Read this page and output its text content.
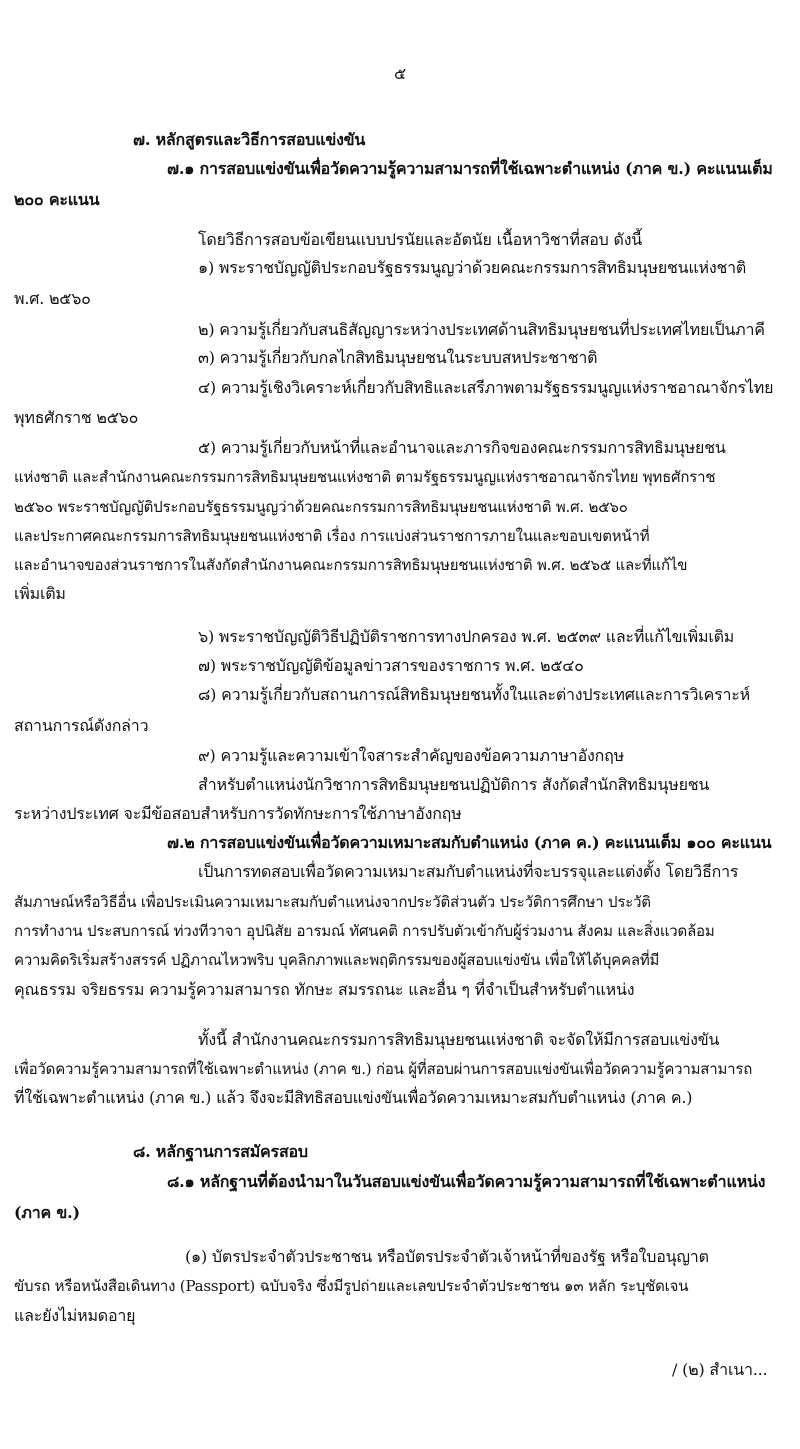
๕
๗. หลักสูตรและวิธีการสอบแข่งขัน
๗.๑ การสอบแข่งขันเพื่อวัดความรู้ความสามารถที่ใช้เฉพาะตำแหน่ง (ภาค ข.) คะแนนเต็ม
๒๐๐ คะแนน
โดยวิธีการสอบข้อเขียนแบบปรนัยและอัตนัย เนื้อหาวิชาที่สอบ ดังนี้
๑) พระราชบัญญัติประกอบรัฐธรรมนูญว่าด้วยคณะกรรมการสิทธิมนุษยชนแห่งชาติ
พ.ศ. ๒๕๖๐
๒) ความรู้เกี่ยวกับสนธิสัญญาระหว่างประเทศด้านสิทธิมนุษยชนที่ประเทศไทยเป็นภาคี
๓) ความรู้เกี่ยวกับกลไกสิทธิมนุษยชนในระบบสหประชาชาติ
๔) ความรู้เชิงวิเคราะห์เกี่ยวกับสิทธิและเสรีภาพตามรัฐธรรมนูญแห่งราชอาณาจักรไทย
พุทธศักราช ๒๕๖๐
๕) ความรู้เกี่ยวกับหน้าที่และอำนาจและภารกิจของคณะกรรมการสิทธิมนุษยชน
แห่งชาติ และสำนักงานคณะกรรมการสิทธิมนุษยชนแห่งชาติ ตามรัฐธรรมนูญแห่งราชอาณาจักรไทย พุทธศักราช
๒๕๖๐ พระราชบัญญัติประกอบรัฐธรรมนูญว่าด้วยคณะกรรมการสิทธิมนุษยชนแห่งชาติ พ.ศ. ๒๕๖๐
และประกาศคณะกรรมการสิทธิมนุษยชนแห่งชาติ เรื่อง การแบ่งส่วนราชการภายในและขอบเขตหน้าที่
และอำนาจของส่วนราชการในสังกัดสำนักงานคณะกรรมการสิทธิมนุษยชนแห่งชาติ พ.ศ. ๒๕๖๕ และที่แก้ไข
เพิ่มเติม
๖) พระราชบัญญัติวิธีปฏิบัติราชการทางปกครอง พ.ศ. ๒๕๓๙ และที่แก้ไขเพิ่มเติม
๗) พระราชบัญญัติข้อมูลข่าวสารของราชการ พ.ศ. ๒๕๔๐
๘) ความรู้เกี่ยวกับสถานการณ์สิทธิมนุษยชนทั้งในและต่างประเทศและการวิเคราะห์
สถานการณ์ดังกล่าว
๙) ความรู้และความเข้าใจสาระสำคัญของข้อความภาษาอังกฤษ
สำหรับตำแหน่งนักวิชาการสิทธิมนุษยชนปฏิบัติการ สังกัดสำนักสิทธิมนุษยชน
ระหว่างประเทศ จะมีข้อสอบสำหรับการวัดทักษะการใช้ภาษาอังกฤษ
๗.๒ การสอบแข่งขันเพื่อวัดความเหมาะสมกับตำแหน่ง (ภาค ค.) คะแนนเต็ม ๑๐๐ คะแนน
เป็นการทดสอบเพื่อวัดความเหมาะสมกับตำแหน่งที่จะบรรจุและแต่งตั้ง โดยวิธีการ
สัมภาษณ์หรือวิธีอื่น เพื่อประเมินความเหมาะสมกับตำแหน่งจากประวัติส่วนตัว ประวัติการศึกษา ประวัติ
การทำงาน ประสบการณ์ ท่วงทีวาจา อุปนิสัย อารมณ์ ทัศนคติ การปรับตัวเข้ากับผู้ร่วมงาน สังคม และสิ่งแวดล้อม
ความคิดริเริ่มสร้างสรรค์ ปฏิภาณไหวพริบ บุคลิกภาพและพฤติกรรมของผู้สอบแข่งขัน เพื่อให้ได้บุคคลที่มี
คุณธรรม จริยธรรม ความรู้ความสามารถ ทักษะ สมรรถนะ และอื่น ๆ ที่จำเป็นสำหรับตำแหน่ง
ทั้งนี้ สำนักงานคณะกรรมการสิทธิมนุษยชนแห่งชาติ จะจัดให้มีการสอบแข่งขัน
เพื่อวัดความรู้ความสามารถที่ใช้เฉพาะตำแหน่ง (ภาค ข.) ก่อน ผู้ที่สอบผ่านการสอบแข่งขันเพื่อวัดความรู้ความสามารถ
ที่ใช้เฉพาะตำแหน่ง (ภาค ข.) แล้ว จึงจะมีสิทธิสอบแข่งขันเพื่อวัดความเหมาะสมกับตำแหน่ง (ภาค ค.)
๘. หลักฐานการสมัครสอบ
๘.๑ หลักฐานที่ต้องนำมาในวันสอบแข่งขันเพื่อวัดความรู้ความสามารถที่ใช้เฉพาะตำแหน่ง
(ภาค ข.)
(๑) บัตรประจำตัวประชาชน หรือบัตรประจำตัวเจ้าหน้าที่ของรัฐ หรือใบอนุญาต
ขับรถ หรือหนังสือเดินทาง (Passport) ฉบับจริง ซึ่งมีรูปถ่ายและเลขประจำตัวประชาชน ๑๓ หลัก ระบุชัดเจน
และยังไม่หมดอายุ
/ (๒) สำเนา...
